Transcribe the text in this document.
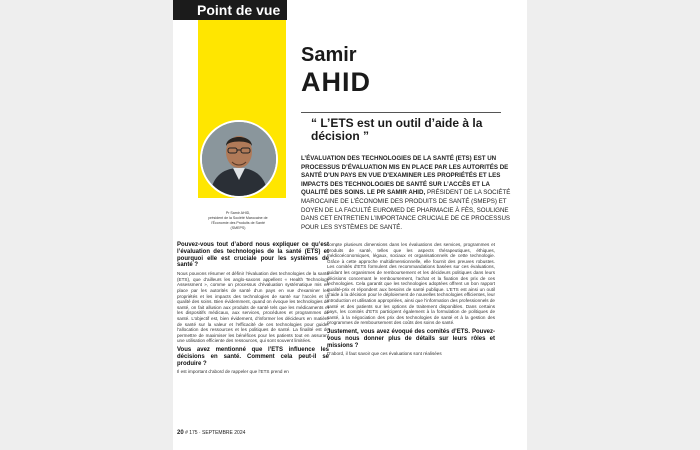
Point de vue
Pr Samir AHID,
président de la Société Marocaine de
l’Économie des Produits de Santé
(SMEPS)
Samir
AHID
“ L’ETS est un outil d’aide à la décision ”
L’ÉVALUATION DES TECHNOLOGIES DE LA SANTÉ (ETS) EST UN PROCESSUS D’ÉVALUATION MIS EN PLACE PAR LES AUTORITÉS DE SANTÉ D’UN PAYS EN VUE D’EXAMINER LES PROPRIÉTÉS ET LES IMPACTS DES TECHNOLOGIES DE SANTÉ SUR L’ACCÈS ET LA QUALITÉ DES SOINS. LE PR SAMIR AHID, PRÉSIDENT DE LA SOCIÉTÉ MAROCAINE DE L’ÉCONOMIE DES PRODUITS DE SANTÉ (SMEPS) ET DOYEN DE LA FACULTÉ EUROMED DE PHARMACIE À FÈS, SOULIGNE DANS CET ENTRETIEN L’IMPORTANCE CRUCIALE DE CE PROCESSUS POUR LES SYSTÈMES DE SANTÉ.
Pouvez-vous tout d’abord nous expliquer ce qu’est l’évaluation des technologies de la santé (ETS) et pourquoi elle est cruciale pour les systèmes de santé ?
Nous pouvons résumer et définir l’évaluation des technologies de la santé (ETS), que d’ailleurs les anglo-saxons appellent « Health Technology Assessment », comme un processus d’évaluation systématique mis en place par les autorités de santé d’un pays en vue d’examiner les propriétés et les impacts des technologies de santé sur l’accès et la qualité des soins. Bien évidemment, quand on évoque les technologies de santé, on fait allusion aux produits de santé tels que les médicaments et les dispositifs médicaux, aux services, procédures et programmes de santé. L’objectif est, bien évidement, d’informer les décideurs en matière de santé sur la valeur et l’efficacité de ces technologies pour guider l’allocation des ressources et les politiques de santé. La finalité est de permettre de maximiser les bénéfices pour les patients tout en assurant une utilisation efficiente des ressources, qui sont souvent limitées.
Vous avez mentionné que l’ETS influence les décisions en santé. Comment cela peut-il se produire ?
Il est important d’abord de rappeler que l’ETS prend en
compte plusieurs dimensions dans les évaluations des services, programmes et produits de santé, telles que les aspects thérapeutiques, éthiques, médicoéconomiques, légaux, sociaux et organisationnels de cette technologie. Grâce à cette approche multidimensionnelle, elle fournit des preuves robustes. Les comités d’ETS formulent des recommandations basées sur ces évaluations, guidant les organismes de remboursement et les décideurs politiques dans leurs décisions concernant le remboursement, l’achat et la fixation des prix de ces technologies. Cela garantit que les technologies adoptées offrent un bon rapport qualité-prix et répondent aux besoins de santé publique. L’ETS est ainsi un outil d’aide à la décision pour le déploiement de nouvelles technologies efficientes, leur introduction et utilisation appropriées, ainsi que l’information des professionnels de santé et des patients sur les options de traitement disponibles. Dans certains pays, les comités d’ETS participent également à la formulation de politiques de santé, à la négociation des prix des technologies de santé et à la gestion des programmes de remboursement des coûts des soins de santé.
Justement, vous avez évoqué des comités d’ETS. Pouvez-vous nous donner plus de détails sur leurs rôles et missions ?
D’abord, il faut savoir que ces évaluations sont réalisées
20 # 175 · SEPTEMBRE 2024
